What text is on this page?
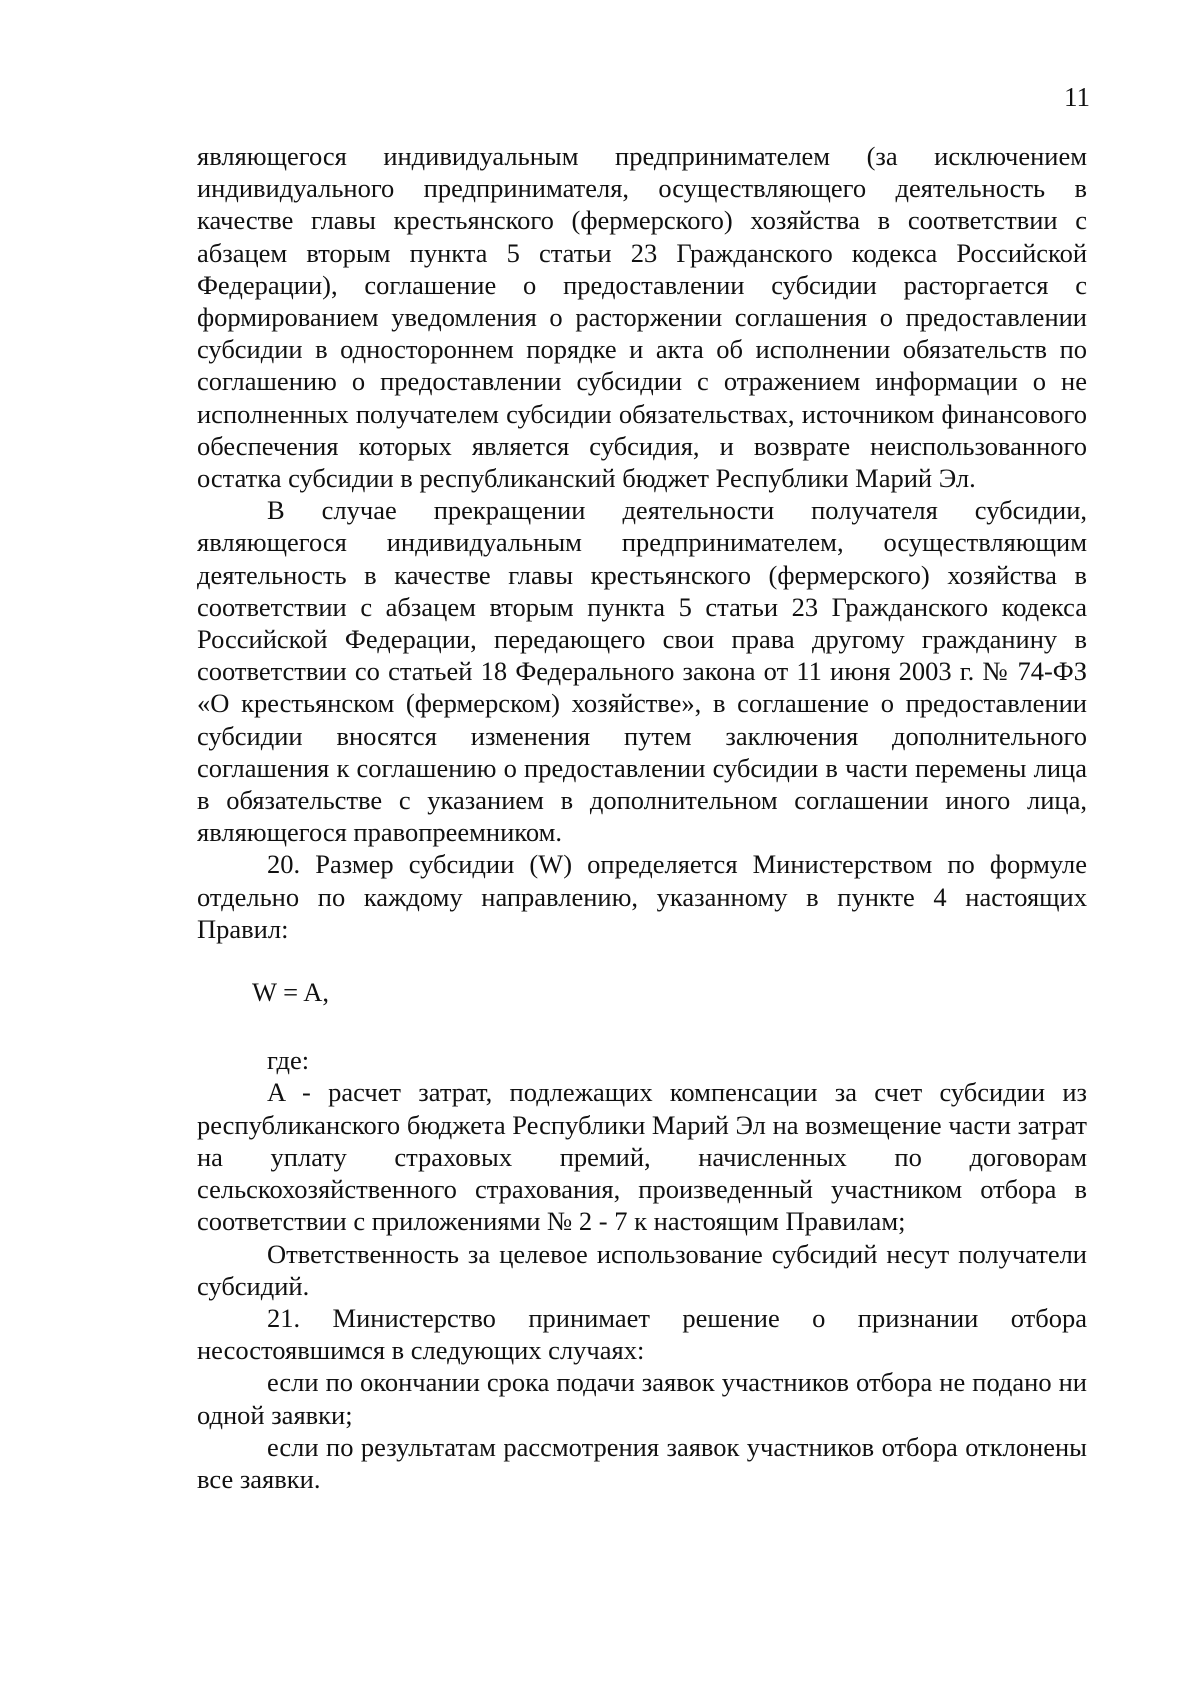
11

являющегося индивидуальным предпринимателем (за исключением индивидуального предпринимателя, осуществляющего деятельность в качестве главы крестьянского (фермерского) хозяйства в соответствии с абзацем вторым пункта 5 статьи 23 Гражданского кодекса Российской Федерации), соглашение о предоставлении субсидии расторгается с формированием уведомления о расторжении соглашения о предоставлении субсидии в одностороннем порядке и акта об исполнении обязательств по соглашению о предоставлении субсидии с отражением информации о не исполненных получателем субсидии обязательствах, источником финансового обеспечения которых является субсидия, и возврате неиспользованного остатка субсидии в республиканский бюджет Республики Марий Эл.

В случае прекращении деятельности получателя субсидии, являющегося индивидуальным предпринимателем, осуществляющим деятельность в качестве главы крестьянского (фермерского) хозяйства в соответствии с абзацем вторым пункта 5 статьи 23 Гражданского кодекса Российской Федерации, передающего свои права другому гражданину в соответствии со статьей 18 Федерального закона от 11 июня 2003 г. № 74-ФЗ «О крестьянском (фермерском) хозяйстве», в соглашение о предоставлении субсидии вносятся изменения путем заключения дополнительного соглашения к соглашению о предоставлении субсидии в части перемены лица в обязательстве с указанием в дополнительном соглашении иного лица, являющегося правопреемником.

20. Размер субсидии (W) определяется Министерством по формуле отдельно по каждому направлению, указанному в пункте 4 настоящих Правил:

W = A,

где:

A - расчет затрат, подлежащих компенсации за счет субсидии из республиканского бюджета Республики Марий Эл на возмещение части затрат на уплату страховых премий, начисленных по договорам сельскохозяйственного страхования, произведенный участником отбора в соответствии с приложениями № 2 - 7 к настоящим Правилам;

Ответственность за целевое использование субсидий несут получатели субсидий.

21. Министерство принимает решение о признании отбора несостоявшимся в следующих случаях:

если по окончании срока подачи заявок участников отбора не подано ни одной заявки;

если по результатам рассмотрения заявок участников отбора отклонены все заявки.
